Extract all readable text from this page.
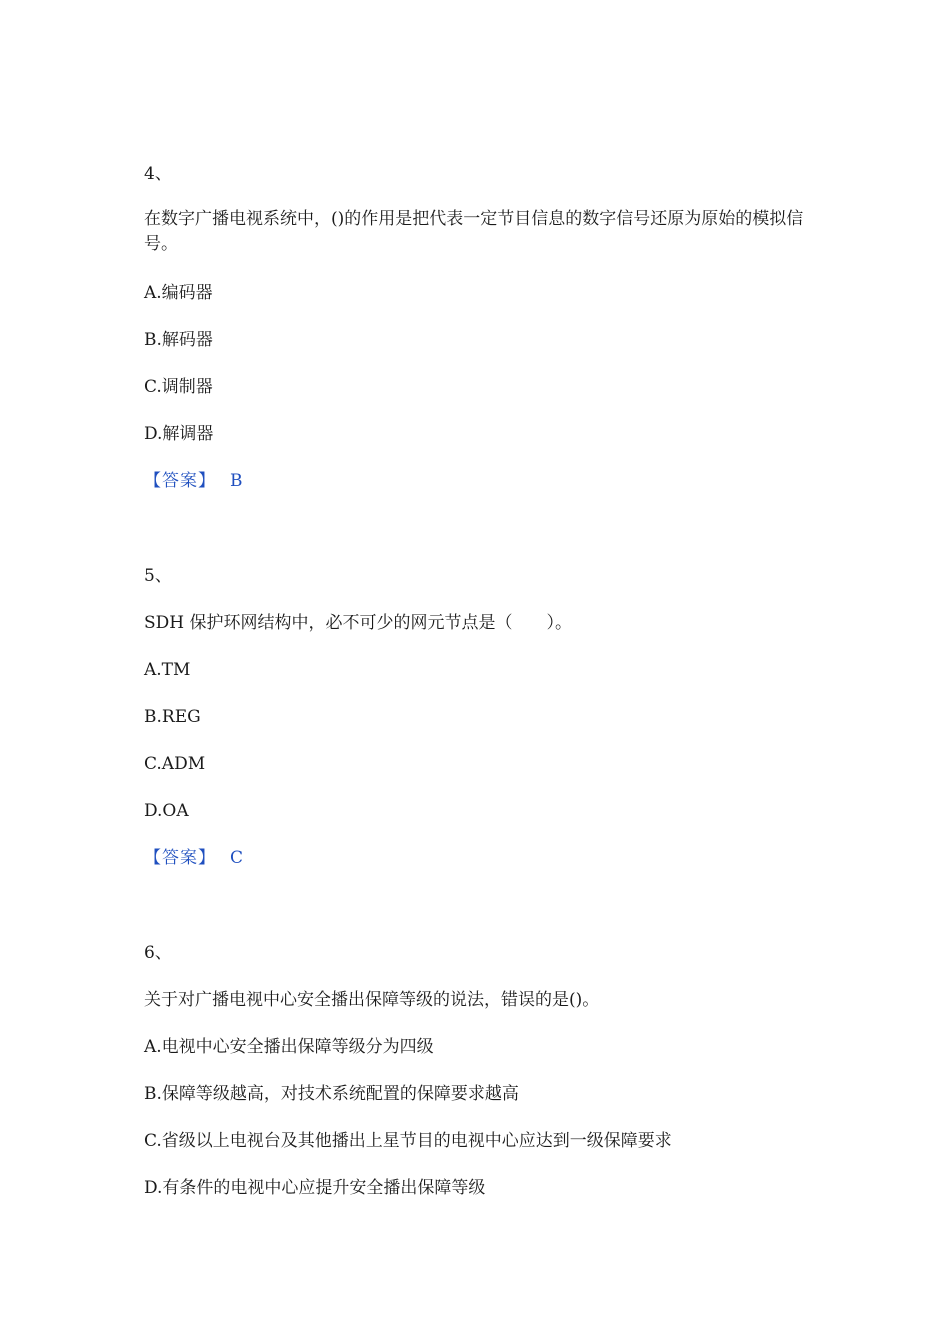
4、
在数字广播电视系统中，()的作用是把代表一定节目信息的数字信号还原为原始的模拟信号。
A.编码器
B.解码器
C.调制器
D.解调器
【答案】 B
5、
SDH 保护环网结构中，必不可少的网元节点是（　　）。
A.TM
B.REG
C.ADM
D.OA
【答案】 C
6、
关于对广播电视中心安全播出保障等级的说法，错误的是()。
A.电视中心安全播出保障等级分为四级
B.保障等级越高，对技术系统配置的保障要求越高
C.省级以上电视台及其他播出上星节目的电视中心应达到一级保障要求
D.有条件的电视中心应提升安全播出保障等级
